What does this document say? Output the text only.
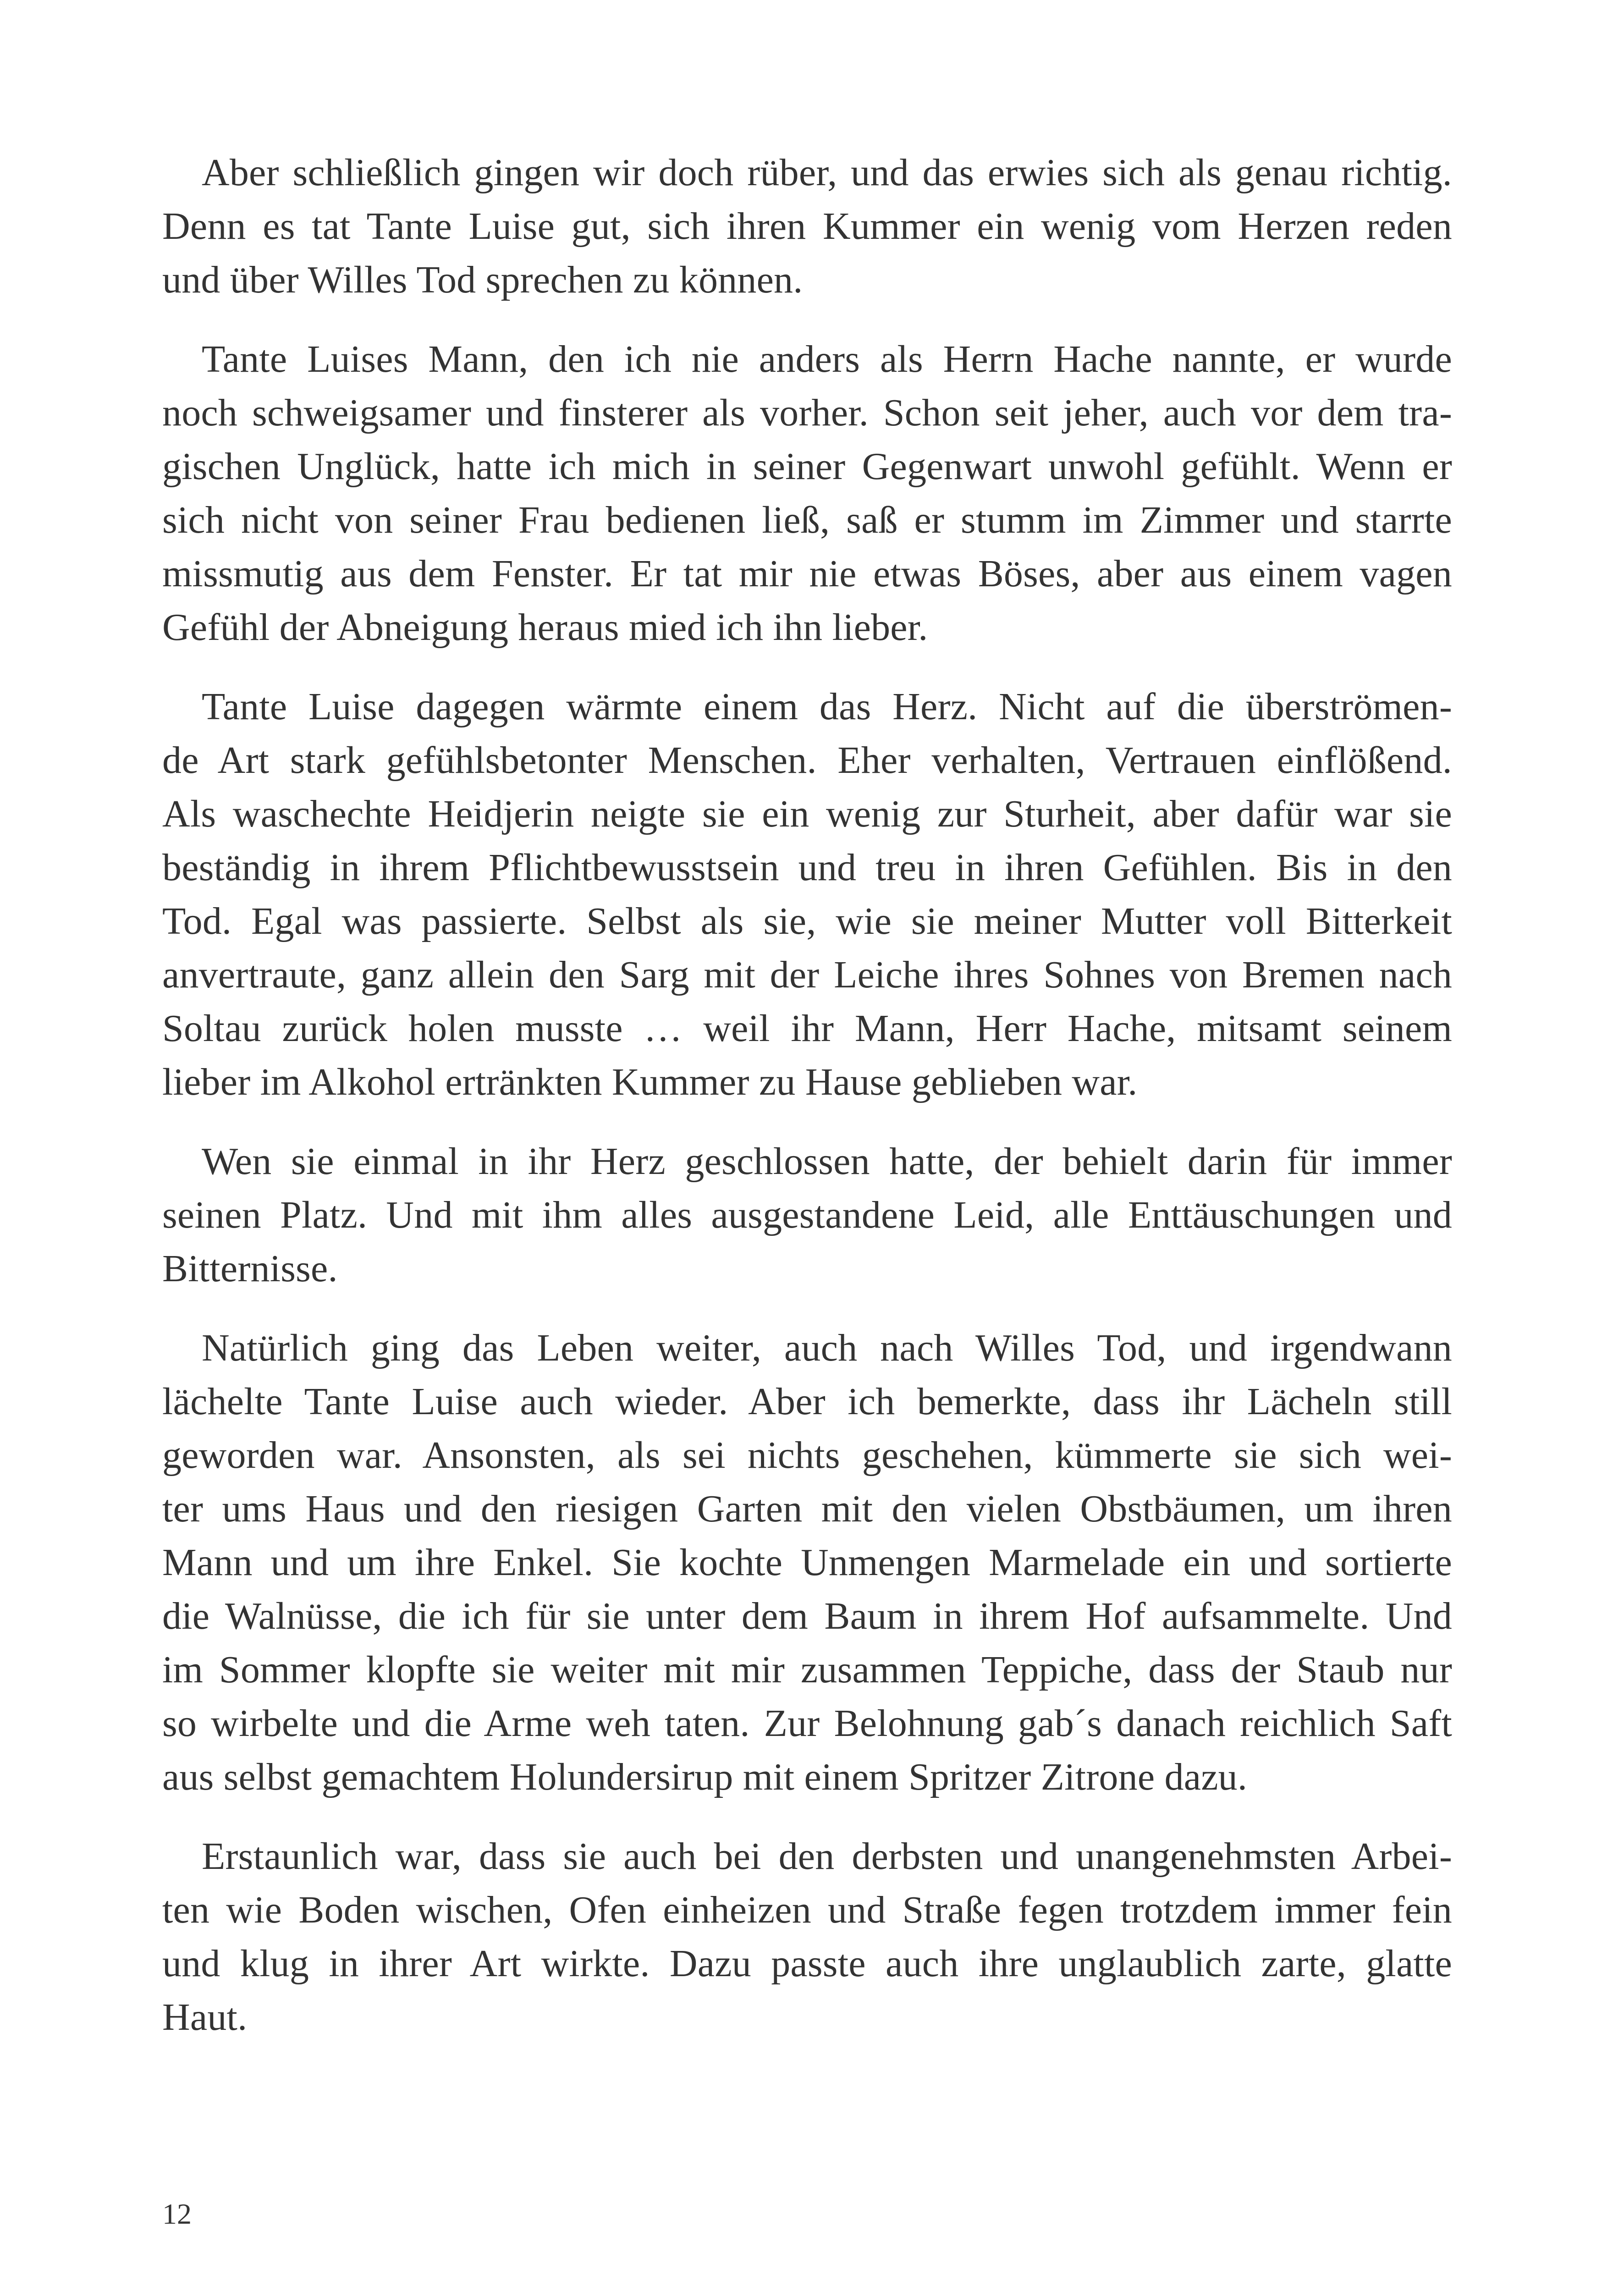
Aber schließlich gingen wir doch rüber, und das erwies sich als genau richtig.
Denn es tat Tante Luise gut, sich ihren Kummer ein wenig vom Herzen reden
und über Willes Tod sprechen zu können.
Tante Luises Mann, den ich nie anders als Herrn Hache nannte, er wurde
noch schweigsamer und finsterer als vorher. Schon seit jeher, auch vor dem tra-
gischen Unglück, hatte ich mich in seiner Gegenwart unwohl gefühlt. Wenn er
sich nicht von seiner Frau bedienen ließ, saß er stumm im Zimmer und starrte
missmutig aus dem Fenster. Er tat mir nie etwas Böses, aber aus einem vagen
Gefühl der Abneigung heraus mied ich ihn lieber.
Tante Luise dagegen wärmte einem das Herz. Nicht auf die überströmen-
de Art stark gefühlsbetonter Menschen. Eher verhalten, Vertrauen einflößend.
Als waschechte Heidjerin neigte sie ein wenig zur Sturheit, aber dafür war sie
beständig in ihrem Pflichtbewusstsein und treu in ihren Gefühlen. Bis in den
Tod. Egal was passierte. Selbst als sie, wie sie meiner Mutter voll Bitterkeit
anvertraute, ganz allein den Sarg mit der Leiche ihres Sohnes von Bremen nach
Soltau zurück holen musste … weil ihr Mann, Herr Hache, mitsamt seinem
lieber im Alkohol ertränkten Kummer zu Hause geblieben war.
Wen sie einmal in ihr Herz geschlossen hatte, der behielt darin für immer
seinen Platz. Und mit ihm alles ausgestandene Leid, alle Enttäuschungen und
Bitternisse.
Natürlich ging das Leben weiter, auch nach Willes Tod, und irgendwann
lächelte Tante Luise auch wieder. Aber ich bemerkte, dass ihr Lächeln still
geworden war. Ansonsten, als sei nichts geschehen, kümmerte sie sich wei-
ter ums Haus und den riesigen Garten mit den vielen Obstbäumen, um ihren
Mann und um ihre Enkel. Sie kochte Unmengen Marmelade ein und sortierte
die Walnüsse, die ich für sie unter dem Baum in ihrem Hof aufsammelte. Und
im Sommer klopfte sie weiter mit mir zusammen Teppiche, dass der Staub nur
so wirbelte und die Arme weh taten. Zur Belohnung gab´s danach reichlich Saft
aus selbst gemachtem Holundersirup mit einem Spritzer Zitrone dazu.
Erstaunlich war, dass sie auch bei den derbsten und unangenehmsten Arbei-
ten wie Boden wischen, Ofen einheizen und Straße fegen trotzdem immer fein
und klug in ihrer Art wirkte. Dazu passte auch ihre unglaublich zarte, glatte
Haut.
12
